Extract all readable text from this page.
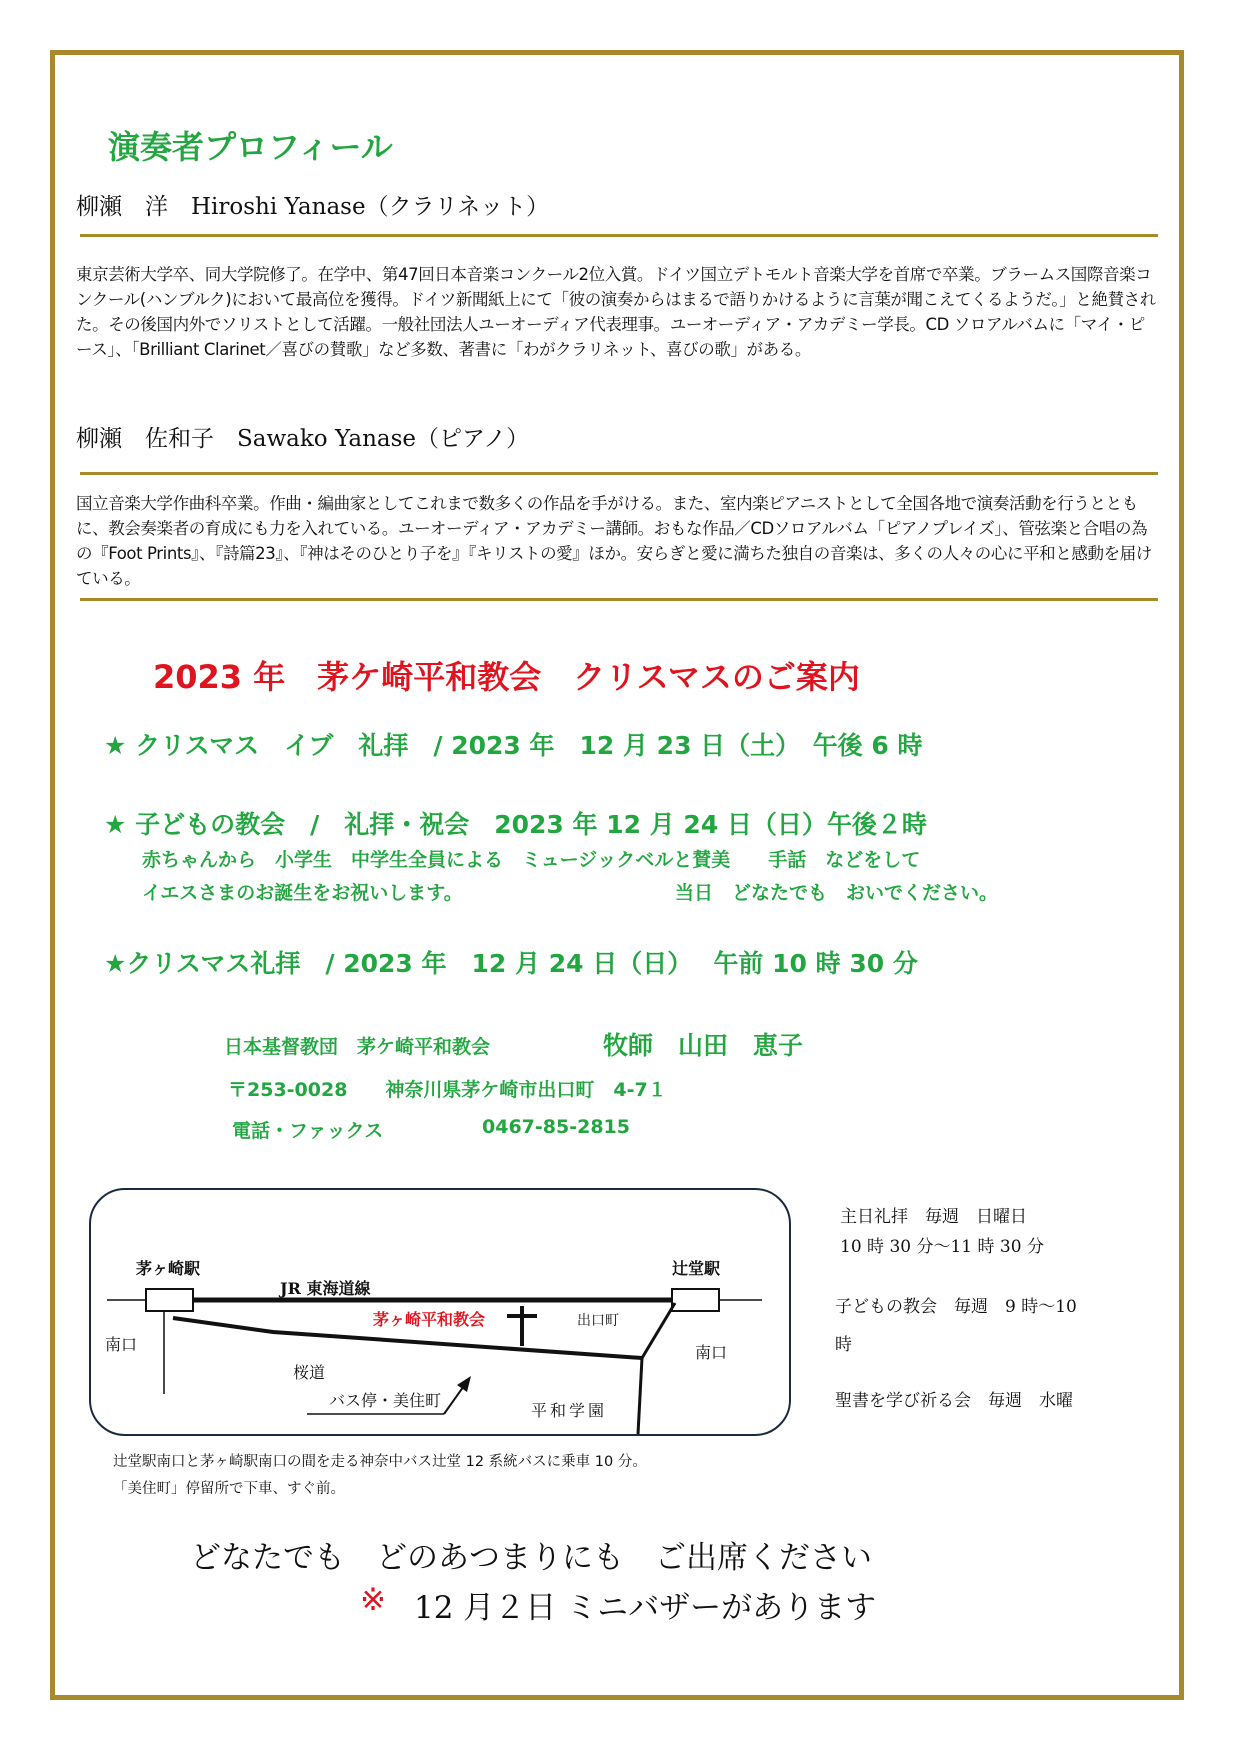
演奏者プロフィール
柳瀬　洋　Hiroshi Yanase（クラリネット）
東京芸術大学卒、同大学院修了。在学中、第47回日本音楽コンクール2位入賞。ドイツ国立デトモルト音楽大学を首席で卒業。ブラームス国際音楽コンクール(ハンブルク)において最高位を獲得。ドイツ新聞紙上にて「彼の演奏からはまるで語りかけるように言葉が聞こえてくるようだ。」と絶賛された。その後国内外でソリストとして活躍。一般社団法人ユーオーディア代表理事。ユーオーディア・アカデミー学長。CD ソロアルバムに「マイ・ピース」、「Brilliant Clarinet／喜びの賛歌」など多数、著書に「わがクラリネット、喜びの歌」がある。
柳瀬　佐和子　Sawako Yanase（ピアノ）
国立音楽大学作曲科卒業。作曲・編曲家としてこれまで数多くの作品を手がける。また、室内楽ピアニストとして全国各地で演奏活動を行うとともに、教会奏楽者の育成にも力を入れている。ユーオーディア・アカデミー講師。おもな作品／CDソロアルバム「ピアノプレイズ」、管弦楽と合唱の為の『Foot Prints』、『詩篇23』、『神はそのひとり子を』『キリストの愛』ほか。安らぎと愛に満ちた独自の音楽は、多くの人々の心に平和と感動を届けている。
2023 年　茅ケ崎平和教会　クリスマスのご案内
★ クリスマス　イブ　礼拝　/ 2023 年　12 月 23 日（土）　午後 6 時
★ 子どもの教会　/　礼拝・祝会　2023 年 12 月 24 日（日）午後２時
赤ちゃんから　小学生　中学生全員による　ミュージックベルと賛美　　手話　などをして
イエスさまのお誕生をお祝いします。	当日　どなたでも　おいでください。
★クリスマス礼拝　/ 2023 年　12 月 24 日（日）　 午前 10 時 30 分
日本基督教団　茅ケ崎平和教会	牧師　山田　恵子
〒253-0028　　神奈川県茅ケ崎市出口町　4-7１
電話・ファックス	0467-85-2815
茅ヶ崎駅	辻堂駅
JR 東海道線
茅ヶ崎平和教会	出口町
南口	南口
桜道
バス停・美住町
平和学園
辻堂駅南口と茅ヶ崎駅南口の間を走る神奈中バス辻堂 12 系統バスに乗車 10 分。
「美住町」停留所で下車、すぐ前。
主日礼拝　毎週　日曜日
10 時 30 分～11 時 30 分
子どもの教会　毎週　9 時～10
時
聖書を学び祈る会　毎週　水曜
どなたでも　どのあつまりにも　ご出席ください
※ 12 月２日 ミニバザーがあります
